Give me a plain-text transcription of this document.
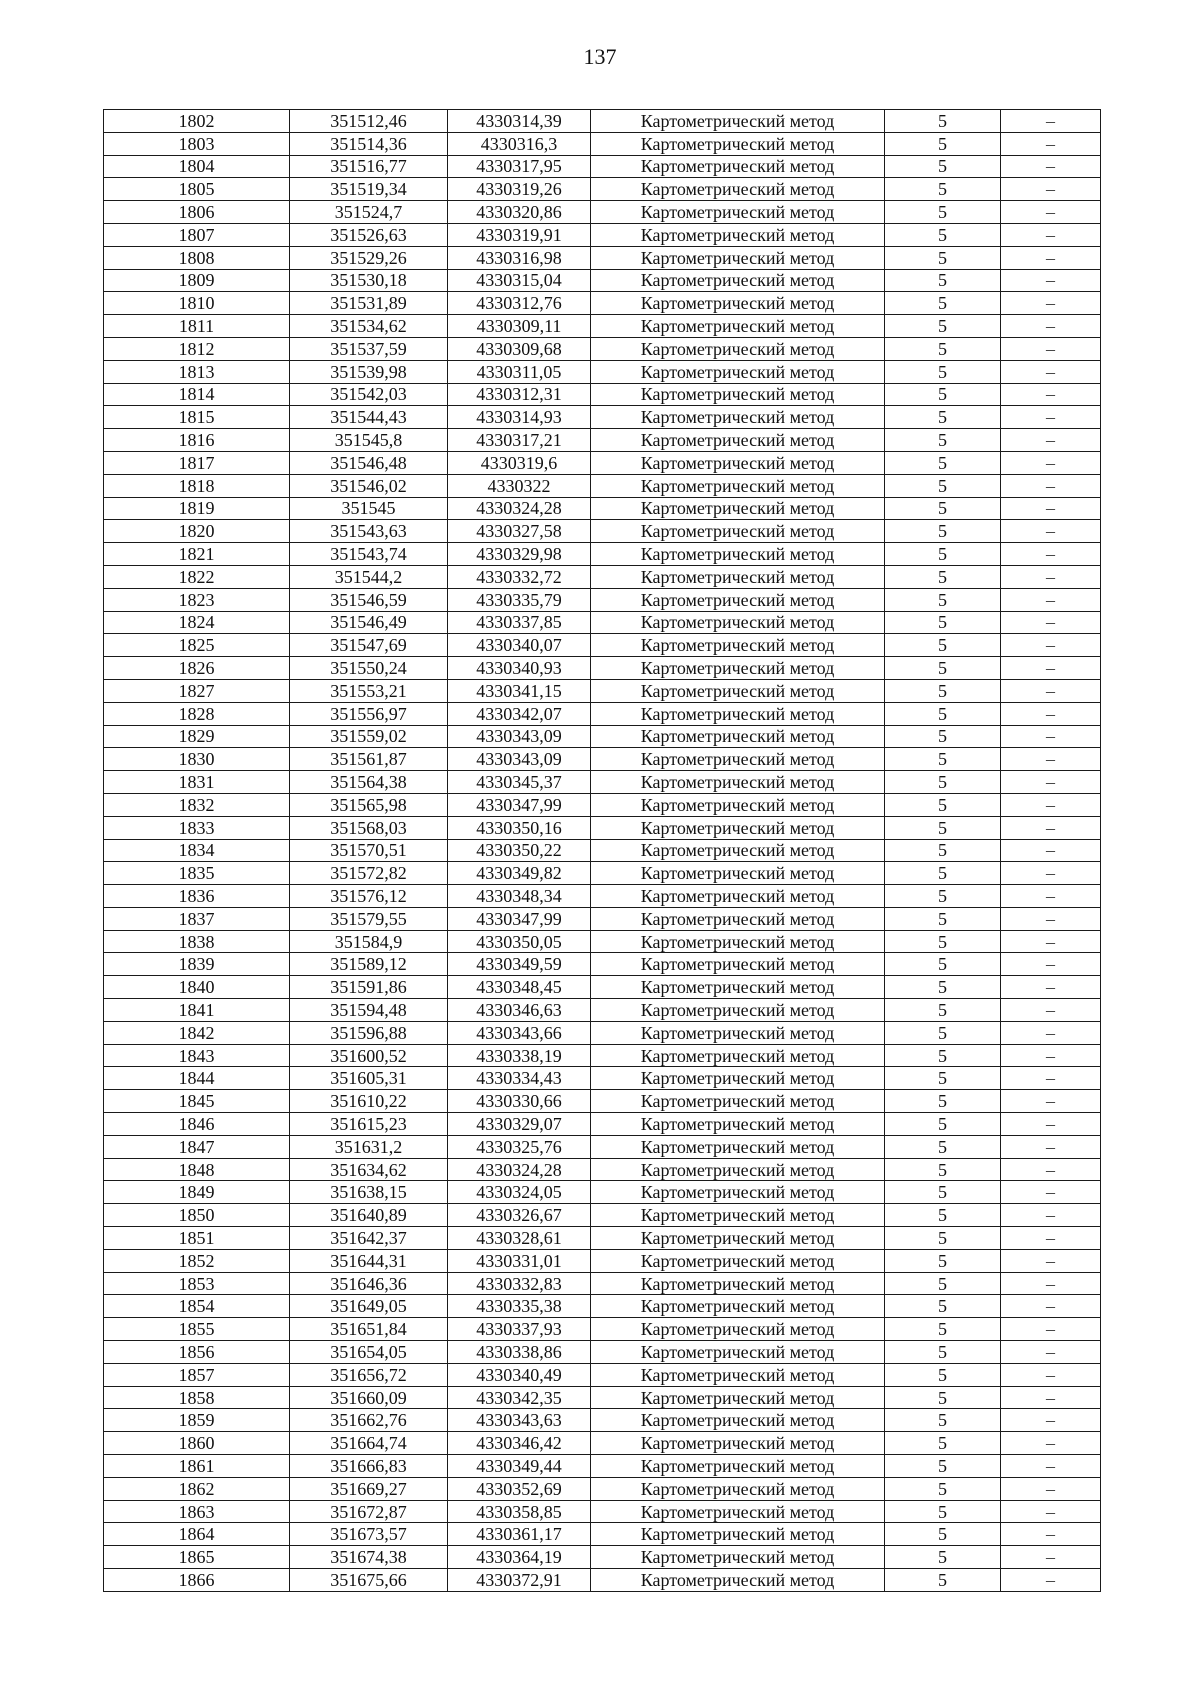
137
1802	351512,46	4330314,39	Картометрический метод	5	–
1803	351514,36	4330316,3	Картометрический метод	5	–
1804	351516,77	4330317,95	Картометрический метод	5	–
1805	351519,34	4330319,26	Картометрический метод	5	–
1806	351524,7	4330320,86	Картометрический метод	5	–
1807	351526,63	4330319,91	Картометрический метод	5	–
1808	351529,26	4330316,98	Картометрический метод	5	–
1809	351530,18	4330315,04	Картометрический метод	5	–
1810	351531,89	4330312,76	Картометрический метод	5	–
1811	351534,62	4330309,11	Картометрический метод	5	–
1812	351537,59	4330309,68	Картометрический метод	5	–
1813	351539,98	4330311,05	Картометрический метод	5	–
1814	351542,03	4330312,31	Картометрический метод	5	–
1815	351544,43	4330314,93	Картометрический метод	5	–
1816	351545,8	4330317,21	Картометрический метод	5	–
1817	351546,48	4330319,6	Картометрический метод	5	–
1818	351546,02	4330322	Картометрический метод	5	–
1819	351545	4330324,28	Картометрический метод	5	–
1820	351543,63	4330327,58	Картометрический метод	5	–
1821	351543,74	4330329,98	Картометрический метод	5	–
1822	351544,2	4330332,72	Картометрический метод	5	–
1823	351546,59	4330335,79	Картометрический метод	5	–
1824	351546,49	4330337,85	Картометрический метод	5	–
1825	351547,69	4330340,07	Картометрический метод	5	–
1826	351550,24	4330340,93	Картометрический метод	5	–
1827	351553,21	4330341,15	Картометрический метод	5	–
1828	351556,97	4330342,07	Картометрический метод	5	–
1829	351559,02	4330343,09	Картометрический метод	5	–
1830	351561,87	4330343,09	Картометрический метод	5	–
1831	351564,38	4330345,37	Картометрический метод	5	–
1832	351565,98	4330347,99	Картометрический метод	5	–
1833	351568,03	4330350,16	Картометрический метод	5	–
1834	351570,51	4330350,22	Картометрический метод	5	–
1835	351572,82	4330349,82	Картометрический метод	5	–
1836	351576,12	4330348,34	Картометрический метод	5	–
1837	351579,55	4330347,99	Картометрический метод	5	–
1838	351584,9	4330350,05	Картометрический метод	5	–
1839	351589,12	4330349,59	Картометрический метод	5	–
1840	351591,86	4330348,45	Картометрический метод	5	–
1841	351594,48	4330346,63	Картометрический метод	5	–
1842	351596,88	4330343,66	Картометрический метод	5	–
1843	351600,52	4330338,19	Картометрический метод	5	–
1844	351605,31	4330334,43	Картометрический метод	5	–
1845	351610,22	4330330,66	Картометрический метод	5	–
1846	351615,23	4330329,07	Картометрический метод	5	–
1847	351631,2	4330325,76	Картометрический метод	5	–
1848	351634,62	4330324,28	Картометрический метод	5	–
1849	351638,15	4330324,05	Картометрический метод	5	–
1850	351640,89	4330326,67	Картометрический метод	5	–
1851	351642,37	4330328,61	Картометрический метод	5	–
1852	351644,31	4330331,01	Картометрический метод	5	–
1853	351646,36	4330332,83	Картометрический метод	5	–
1854	351649,05	4330335,38	Картометрический метод	5	–
1855	351651,84	4330337,93	Картометрический метод	5	–
1856	351654,05	4330338,86	Картометрический метод	5	–
1857	351656,72	4330340,49	Картометрический метод	5	–
1858	351660,09	4330342,35	Картометрический метод	5	–
1859	351662,76	4330343,63	Картометрический метод	5	–
1860	351664,74	4330346,42	Картометрический метод	5	–
1861	351666,83	4330349,44	Картометрический метод	5	–
1862	351669,27	4330352,69	Картометрический метод	5	–
1863	351672,87	4330358,85	Картометрический метод	5	–
1864	351673,57	4330361,17	Картометрический метод	5	–
1865	351674,38	4330364,19	Картометрический метод	5	–
1866	351675,66	4330372,91	Картометрический метод	5	–
